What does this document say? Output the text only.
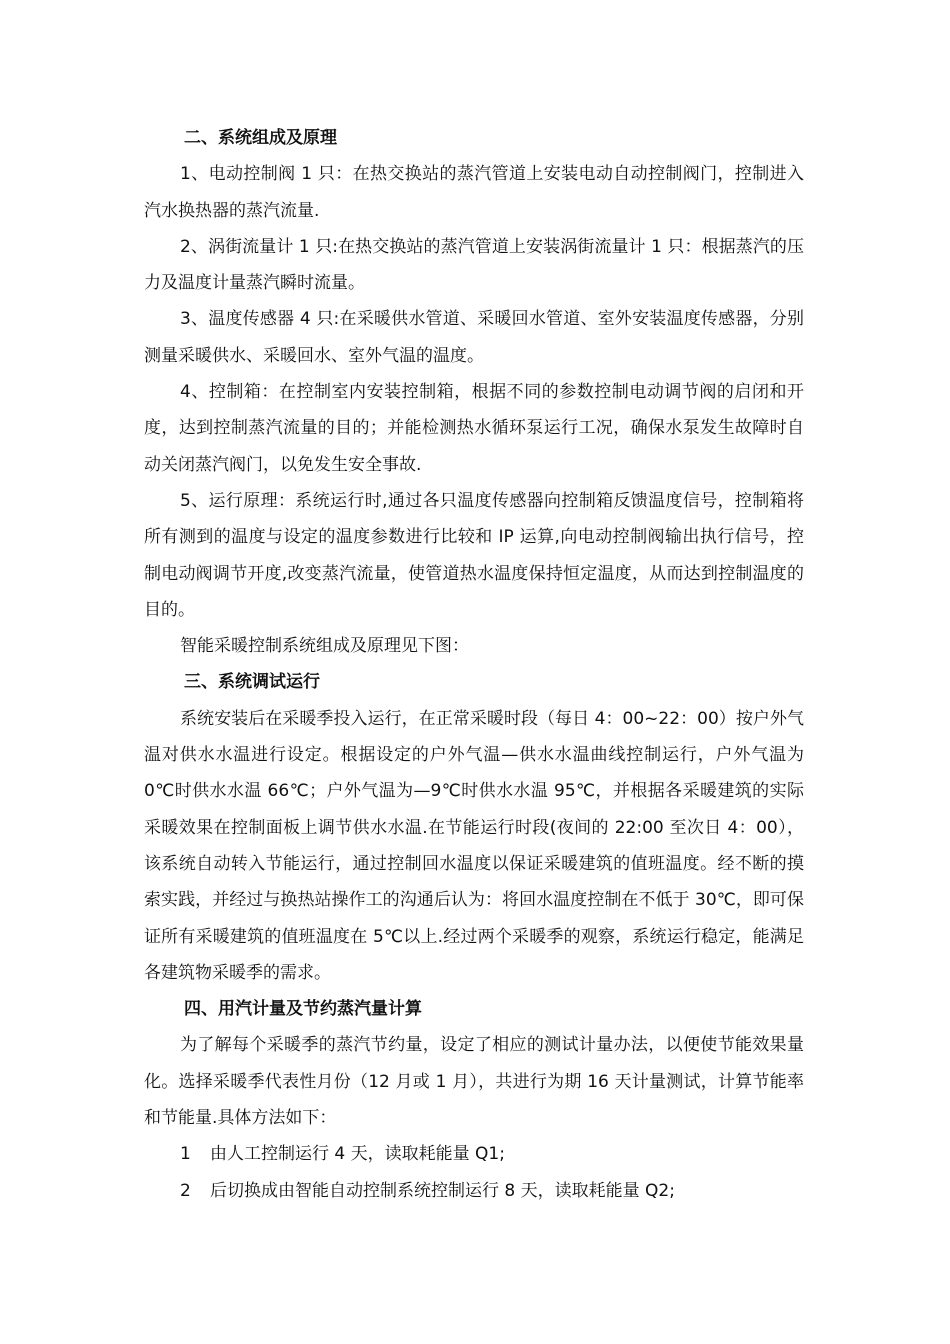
二、系统组成及原理

1、电动控制阀 1 只：在热交换站的蒸汽管道上安装电动自动控制阀门，控制进入汽水换热器的蒸汽流量.

2、涡街流量计 1 只:在热交换站的蒸汽管道上安装涡街流量计 1 只：根据蒸汽的压力及温度计量蒸汽瞬时流量。

3、温度传感器 4 只:在采暖供水管道、采暖回水管道、室外安装温度传感器，分别测量采暖供水、采暖回水、室外气温的温度。

4、控制箱：在控制室内安装控制箱，根据不同的参数控制电动调节阀的启闭和开度，达到控制蒸汽流量的目的；并能检测热水循环泵运行工况，确保水泵发生故障时自动关闭蒸汽阀门，以免发生安全事故.

5、运行原理：系统运行时,通过各只温度传感器向控制箱反馈温度信号，控制箱将所有测到的温度与设定的温度参数进行比较和 IP 运算,向电动控制阀输出执行信号，控制电动阀调节开度,改变蒸汽流量，使管道热水温度保持恒定温度，从而达到控制温度的目的。

智能采暖控制系统组成及原理见下图：

三、系统调试运行

系统安装后在采暖季投入运行，在正常采暖时段（每日 4：00~22：00）按户外气温对供水水温进行设定。根据设定的户外气温—供水水温曲线控制运行，户外气温为 0℃时供水水温 66℃；户外气温为—9℃时供水水温 95℃，并根据各采暖建筑的实际采暖效果在控制面板上调节供水水温.在节能运行时段(夜间的 22:00 至次日 4：00），该系统自动转入节能运行，通过控制回水温度以保证采暖建筑的值班温度。经不断的摸索实践，并经过与换热站操作工的沟通后认为：将回水温度控制在不低于 30℃，即可保证所有采暖建筑的值班温度在 5℃以上.经过两个采暖季的观察，系统运行稳定，能满足各建筑物采暖季的需求。

四、用汽计量及节约蒸汽量计算

为了解每个采暖季的蒸汽节约量，设定了相应的测试计量办法，以便使节能效果量化。选择采暖季代表性月份（12 月或 1 月），共进行为期 16 天计量测试，计算节能率和节能量.具体方法如下：

1 由人工控制运行 4 天，读取耗能量 Q1;

2 后切换成由智能自动控制系统控制运行 8 天，读取耗能量 Q2;
